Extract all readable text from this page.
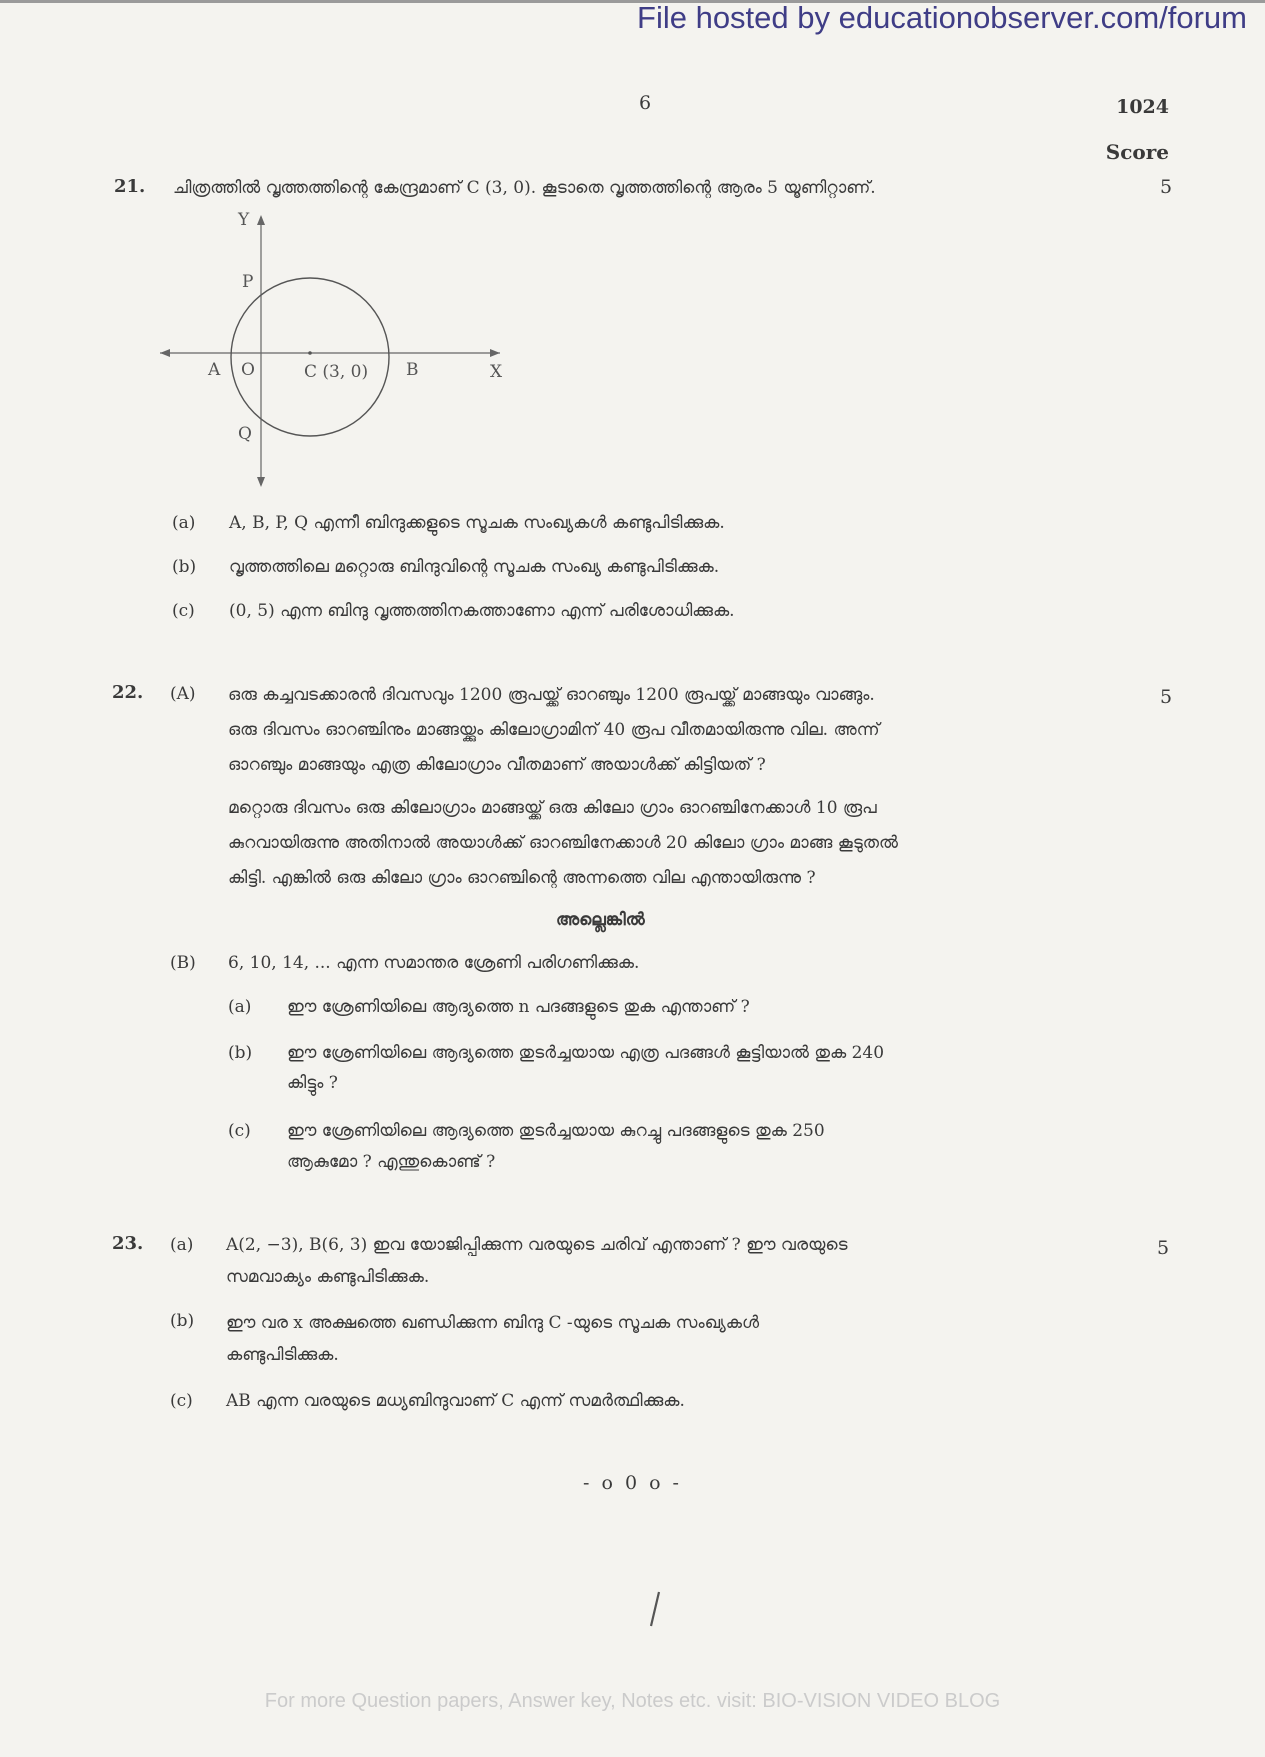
File hosted by educationobserver.com/forum
6	1024
Score
21. ചിത്രത്തിൽ വൃത്തത്തിന്റെ കേന്ദ്രമാണ് C (3, 0). കൂടാതെ വൃത്തത്തിന്റെ ആരം 5 യൂണിറ്റാണ്.	5
Y
P
A O	C (3, 0) B	X
Q
(a) A, B, P, Q എന്നീ ബിന്ദുക്കളുടെ സൂചക സംഖ്യകൾ കണ്ടുപിടിക്കുക.
(b) വൃത്തത്തിലെ മറ്റൊരു ബിന്ദുവിന്റെ സൂചക സംഖ്യ കണ്ടുപിടിക്കുക.
(c) (0, 5) എന്ന ബിന്ദു വൃത്തത്തിനകത്താണോ എന്ന് പരിശോധിക്കുക.
22. (A)	5
ഒരു കച്ചവടക്കാരൻ ദിവസവും 1200 രൂപയ്ക്ക് ഓറഞ്ചും 1200 രൂപയ്ക്ക് മാങ്ങയും വാങ്ങും.
ഒരു ദിവസം ഓറഞ്ചിനും മാങ്ങയ്ക്കും കിലോഗ്രാമിന് 40 രൂപ വീതമായിരുന്നു വില. അന്ന്
ഓറഞ്ചും മാങ്ങയും എത്ര കിലോഗ്രാം വീതമാണ് അയാൾക്ക് കിട്ടിയത് ?
മറ്റൊരു ദിവസം ഒരു കിലോഗ്രാം മാങ്ങയ്ക്ക് ഒരു കിലോ ഗ്രാം ഓറഞ്ചിനേക്കാൾ 10 രൂപ
കുറവായിരുന്നു അതിനാൽ അയാൾക്ക് ഓറഞ്ചിനേക്കാൾ 20 കിലോ ഗ്രാം മാങ്ങ കൂടുതൽ
കിട്ടി. എങ്കിൽ ഒരു കിലോ ഗ്രാം ഓറഞ്ചിന്റെ അന്നത്തെ വില എന്തായിരുന്നു ?
അല്ലെങ്കിൽ
(B) 6, 10, 14, ... എന്ന സമാന്തര ശ്രേണി പരിഗണിക്കുക.
(a) ഈ ശ്രേണിയിലെ ആദ്യത്തെ n പദങ്ങളുടെ തുക എന്താണ് ?
(b) ഈ ശ്രേണിയിലെ ആദ്യത്തെ തുടർച്ചയായ എത്ര പദങ്ങൾ കൂട്ടിയാൽ തുക 240
കിട്ടും ?
(c) ഈ ശ്രേണിയിലെ ആദ്യത്തെ തുടർച്ചയായ കുറച്ചു പദങ്ങളുടെ തുക 250
ആകുമോ ? എന്തുകൊണ്ട് ?
23. (a)	5
A(2, −3), B(6, 3) ഇവ യോജിപ്പിക്കുന്ന വരയുടെ ചരിവ് എന്താണ് ? ഈ വരയുടെ
സമവാക്യം കണ്ടുപിടിക്കുക.
(b) ഈ വര x അക്ഷത്തെ ഖണ്ഡിക്കുന്ന ബിന്ദു C -യുടെ സൂചക സംഖ്യകൾ
കണ്ടുപിടിക്കുക.
(c) AB എന്ന വരയുടെ മധ്യബിന്ദുവാണ് C എന്ന് സമർത്ഥിക്കുക.
- o 0 o -
For more Question papers, Answer key, Notes etc. visit: BIO-VISION VIDEO BLOG
